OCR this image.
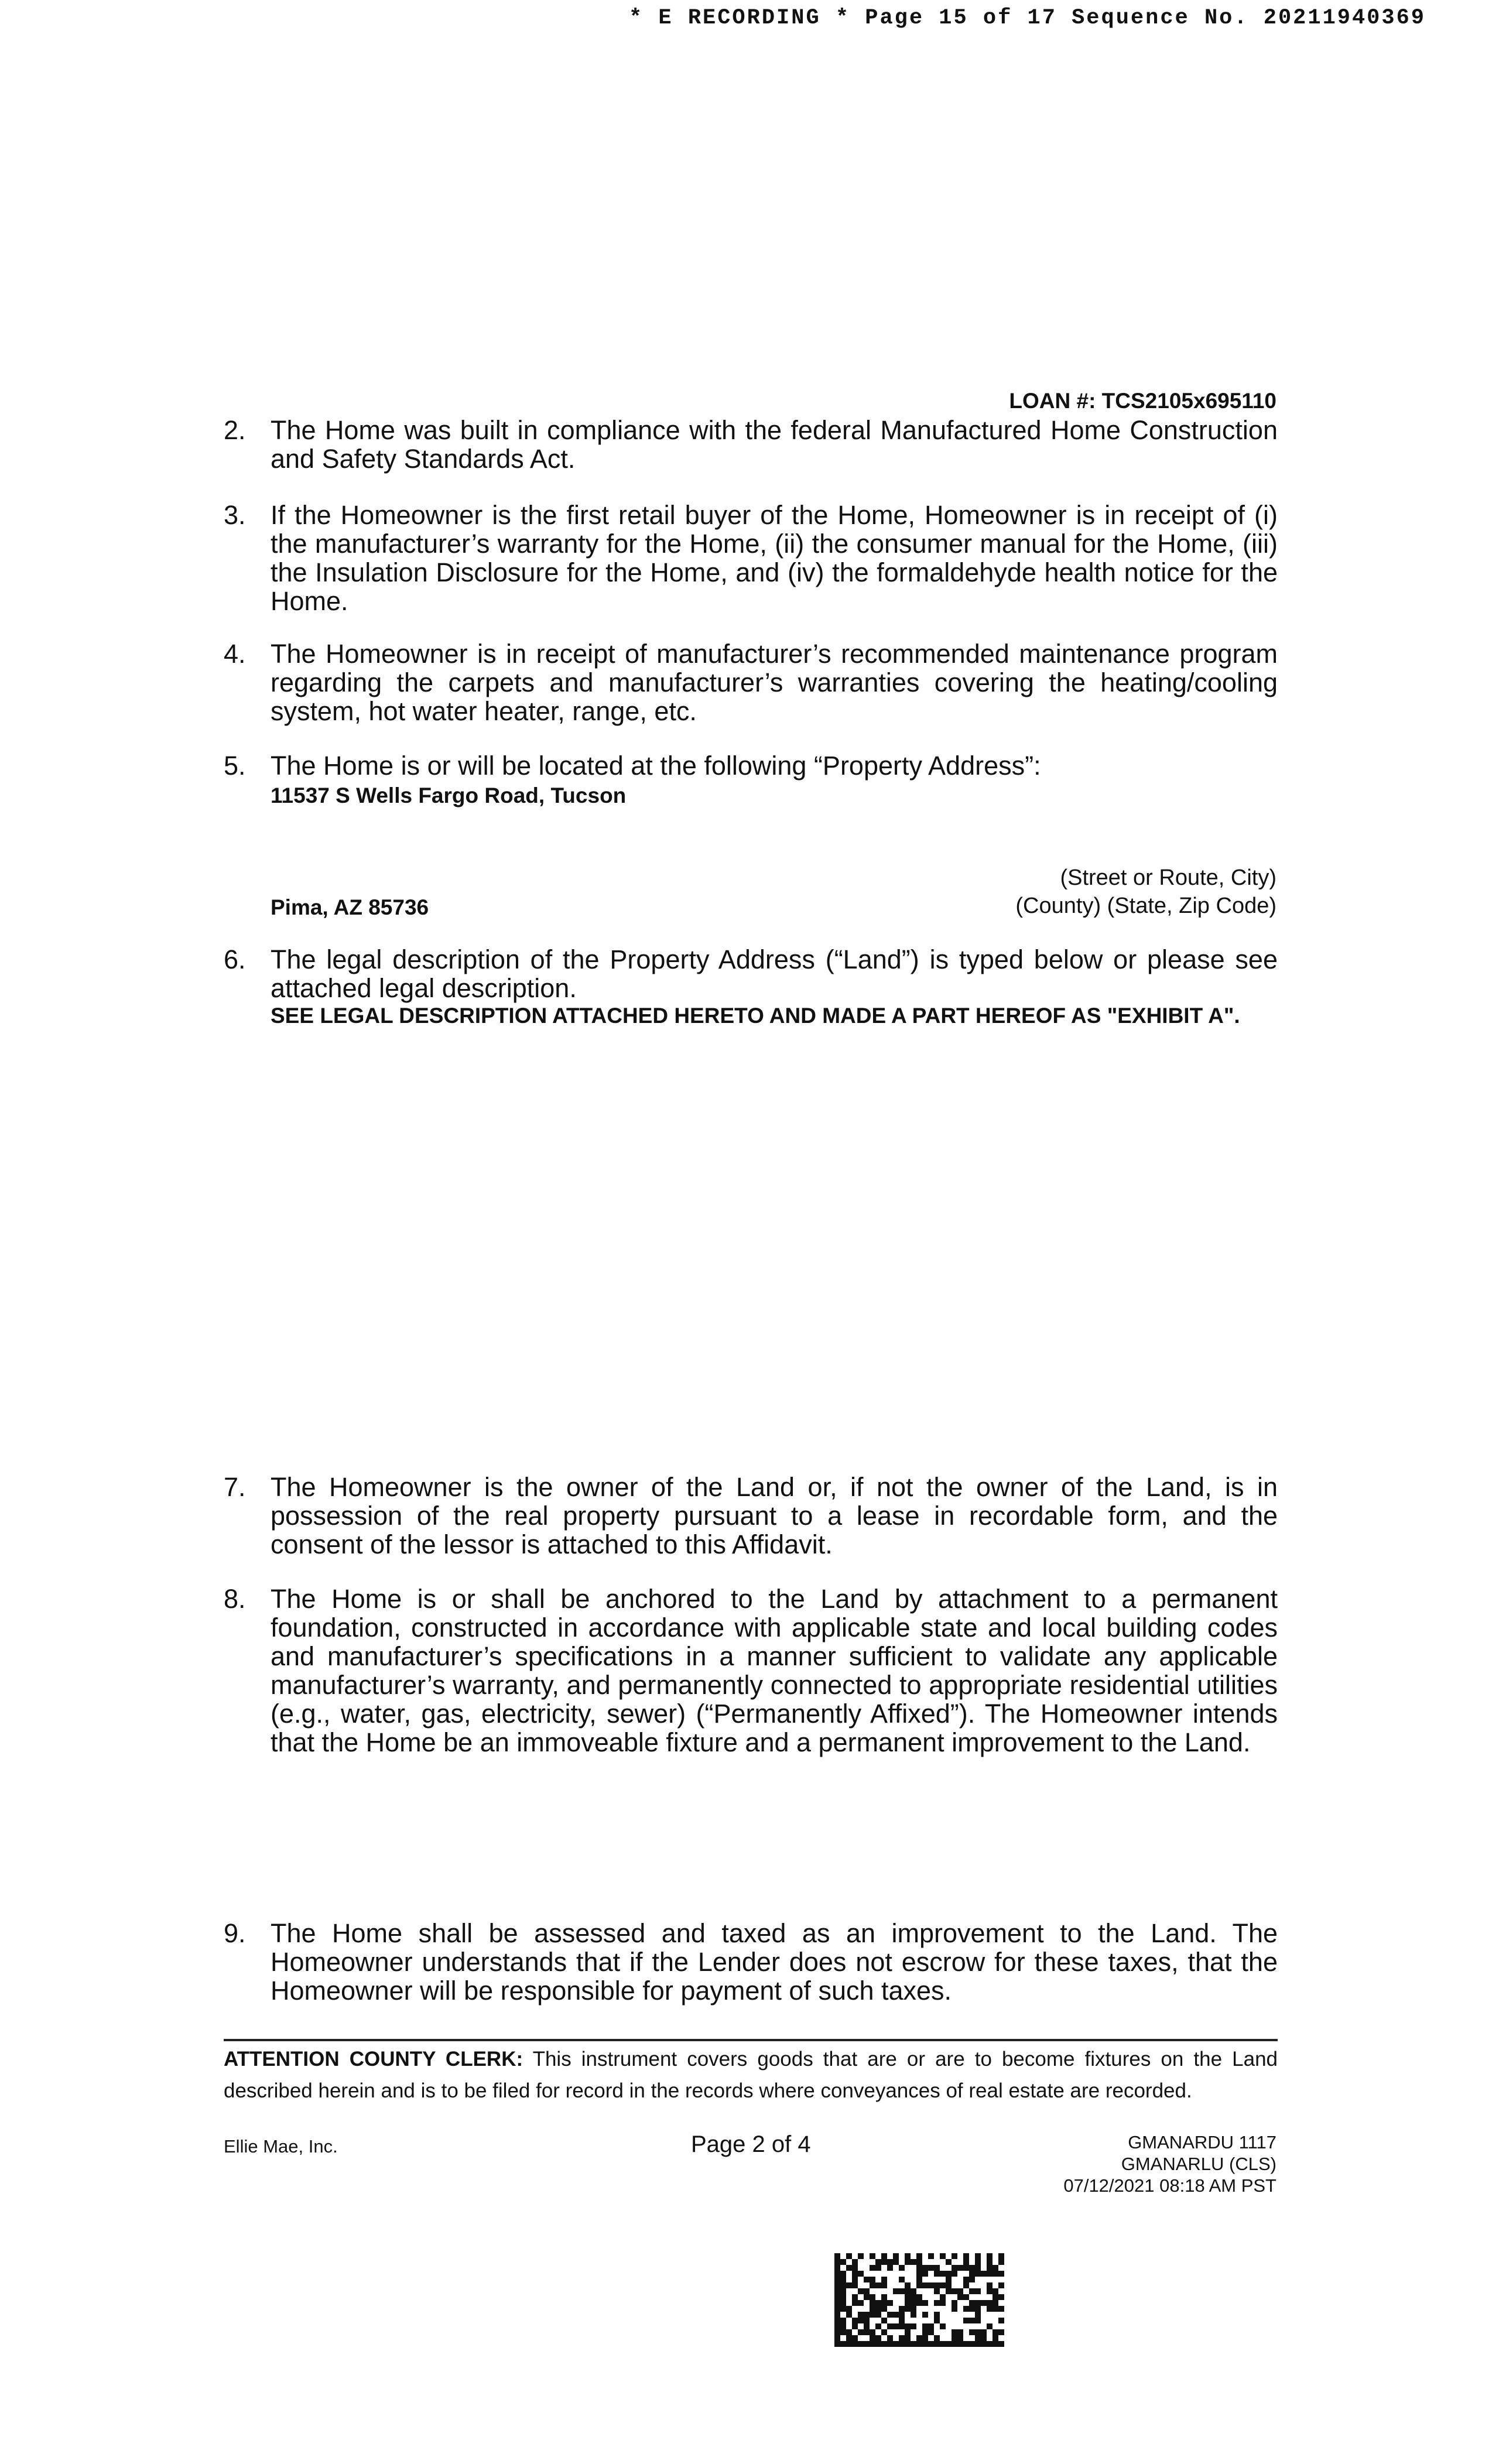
* E RECORDING * Page 15 of 17 Sequence No. 20211940369
LOAN #: TCS2105x695110
2. The Home was built in compliance with the federal Manufactured Home Construction and Safety Standards Act.
3. If the Homeowner is the first retail buyer of the Home, Homeowner is in receipt of (i) the manufacturer’s warranty for the Home, (ii) the consumer manual for the Home, (iii) the Insulation Disclosure for the Home, and (iv) the formaldehyde health notice for the Home.
4. The Homeowner is in receipt of manufacturer’s recommended maintenance program regarding the carpets and manufacturer’s warranties covering the heating/cooling system, hot water heater, range, etc.
5. The Home is or will be located at the following “Property Address”:
11537 S Wells Fargo Road, Tucson
(Street or Route, City)
Pima, AZ 85736	(County) (State, Zip Code)
6. The legal description of the Property Address (“Land”) is typed below or please see attached legal description.
SEE LEGAL DESCRIPTION ATTACHED HERETO AND MADE A PART HEREOF AS "EXHIBIT A".
7. The Homeowner is the owner of the Land or, if not the owner of the Land, is in possession of the real property pursuant to a lease in recordable form, and the consent of the lessor is attached to this Affidavit.
8. The Home is or shall be anchored to the Land by attachment to a permanent foundation, constructed in accordance with applicable state and local building codes and manufacturer’s specifications in a manner sufficient to validate any applicable manufacturer’s warranty, and permanently connected to appropriate residential utilities (e.g., water, gas, electricity, sewer) (“Permanently Affixed”). The Homeowner intends that the Home be an immoveable fixture and a permanent improvement to the Land.
9. The Home shall be assessed and taxed as an improvement to the Land. The Homeowner understands that if the Lender does not escrow for these taxes, that the Homeowner will be responsible for payment of such taxes.
ATTENTION COUNTY CLERK: This instrument covers goods that are or are to become fixtures on the Land described herein and is to be filed for record in the records where conveyances of real estate are recorded.
Ellie Mae, Inc.	Page 2 of 4	GMANARDU 1117
GMANARLU (CLS)
07/12/2021 08:18 AM PST
